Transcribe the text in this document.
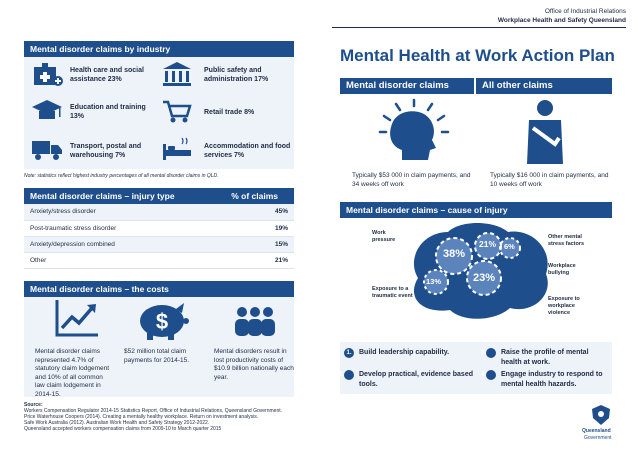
Office of Industrial Relations
Workplace Health and Safety Queensland
Mental Health at Work Action Plan
Mental disorder claims by industry
Health care and social assistance 23%
Public safety and administration 17%
Education and training 13%
Retail trade 8%
Transport, postal and warehousing 7%
Accommodation and food services 7%
Note: statistics reflect highest industry percentages of all mental disorder claims in QLD.
Mental disorder claims – injury type	% of claims
Anxiety/stress disorder	45%
Post-traumatic stress disorder	19%
Anxiety/depression combined	15%
Other	21%
Mental disorder claims – the costs
Mental disorder claims represented 4.7% of statutory claim lodgement and 10% of all common law claim lodgement in 2014-15.
$
$52 million total claim payments for 2014-15.
Mental disorders result in lost productivity costs of $10.9 billion nationally each year.
Source:
Workers Compensation Regulator 2014-15 Statistics Report, Office of Industrial Relations, Queensland Government.
Price Waterhouse Coopers (2014). Creating a mentally healthy workplace. Return on investment analysis.
Safe Work Australia (2012). Australian Work Health and Safety Strategy 2012-2022.
Queensland accepted workers compensation claims from 2009-10 to March quarter 2015
Mental disorder claims	All other claims
Typically $53 000 in claim payments, and 34 weeks off work
Typically $16 000 in claim payments, and 10 weeks off work
Mental disorder claims – cause of injury
38%
21% 6%
13%	23%
Work pressure
Exposure to a traumatic event
Other mental stress factors
Workplace bullying
Exposure to workplace violence
1. Build leadership capability.
2. Develop practical, evidence based tools.
3. Raise the profile of mental health at work.
4. Engage industry to respond to mental health hazards.
Queensland
Government
